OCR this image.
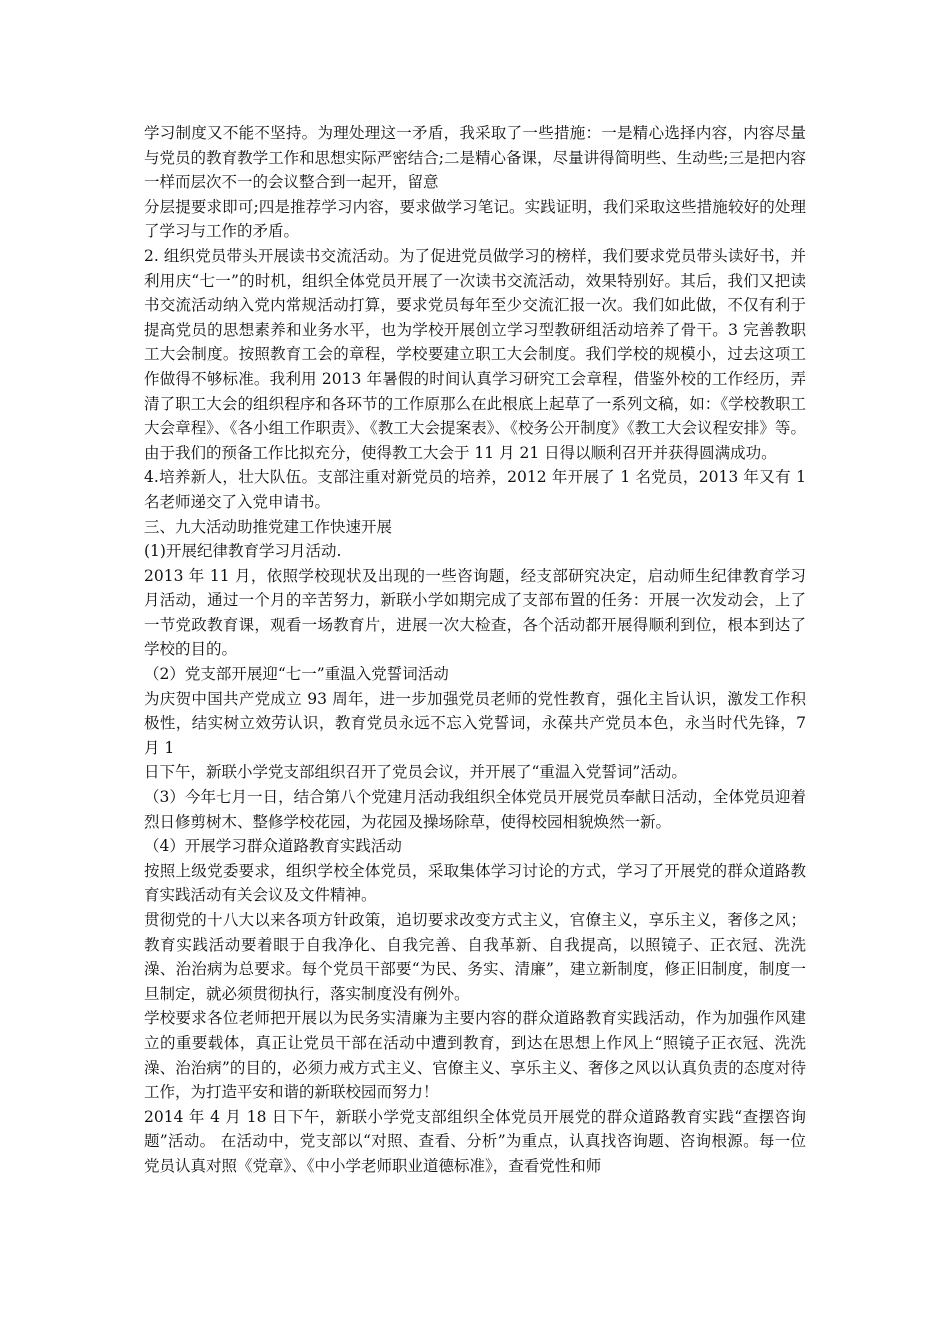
学习制度又不能不坚持。为理处理这一矛盾，我采取了一些措施：一是精心选择内容，内容尽量与党员的教育教学工作和思想实际严密结合;二是精心备课，尽量讲得简明些、生动些;三是把内容一样而层次不一的会议整合到一起开，留意

分层提要求即可;四是推荐学习内容，要求做学习笔记。实践证明，我们采取这些措施较好的处理了学习与工作的矛盾。

2. 组织党员带头开展读书交流活动。为了促进党员做学习的榜样，我们要求党员带头读好书，并利用庆“七一”的时机，组织全体党员开展了一次读书交流活动，效果特别好。其后，我们又把读书交流活动纳入党内常规活动打算，要求党员每年至少交流汇报一次。我们如此做，不仅有利于提高党员的思想素养和业务水平，也为学校开展创立学习型教研组活动培养了骨干。3 完善教职工大会制度。按照教育工会的章程，学校要建立职工大会制度。我们学校的规模小，过去这项工作做得不够标准。我利用 2013 年暑假的时间认真学习研究工会章程，借鉴外校的工作经历，弄清了职工大会的组织程序和各环节的工作原那么在此根底上起草了一系列文稿，如：《学校教职工大会章程》、《各小组工作职责》、《教工大会提案表》、《校务公开制度》《教工大会议程安排》等。由于我们的预备工作比拟充分，使得教工大会于 11 月 21 日得以顺利召开并获得圆满成功。

4.培养新人，壮大队伍。支部注重对新党员的培养，2012 年开展了 1 名党员，2013 年又有 1 名老师递交了入党申请书。

三、九大活动助推党建工作快速开展

(1)开展纪律教育学习月活动.

2013 年 11 月，依照学校现状及出现的一些咨询题，经支部研究决定，启动师生纪律教育学习月活动，通过一个月的辛苦努力，新联小学如期完成了支部布置的任务：开展一次发动会，上了一节党政教育课，观看一场教育片，进展一次大检查，各个活动都开展得顺利到位，根本到达了学校的目的。

（2）党支部开展迎“七一”重温入党誓词活动

为庆贺中国共产党成立 93 周年，进一步加强党员老师的党性教育，强化主旨认识，激发工作积极性，结实树立效劳认识，教育党员永远不忘入党誓词，永葆共产党员本色，永当时代先锋，7 月 1

日下午，新联小学党支部组织召开了党员会议，并开展了“重温入党誓词”活动。

（3）今年七月一日，结合第八个党建月活动我组织全体党员开展党员奉献日活动，全体党员迎着烈日修剪树木、整修学校花园，为花园及操场除草，使得校园相貌焕然一新。

（4）开展学习群众道路教育实践活动

按照上级党委要求，组织学校全体党员，采取集体学习讨论的方式，学习了开展党的群众道路教育实践活动有关会议及文件精神。

贯彻党的十八大以来各项方针政策，追切要求改变方式主义，官僚主义，享乐主义，奢侈之风；教育实践活动要着眼于自我净化、自我完善、自我革新、自我提高，以照镜子、正衣冠、洗洗澡、治治病为总要求。每个党员干部要“为民、务实、清廉”，建立新制度，修正旧制度，制度一旦制定，就必须贯彻执行，落实制度没有例外。

学校要求各位老师把开展以为民务实清廉为主要内容的群众道路教育实践活动，作为加强作风建立的重要载体，真正让党员干部在活动中遭到教育，到达在思想上作风上“照镜子正衣冠、洗洗澡、治治病”的目的，必须力戒方式主义、官僚主义、享乐主义、奢侈之风以认真负责的态度对待工作，为打造平安和谐的新联校园而努力！

2014 年 4 月 18 日下午，新联小学党支部组织全体党员开展党的群众道路教育实践“查摆咨询题”活动。 在活动中，党支部以“对照、查看、分析”为重点，认真找咨询题、咨询根源。每一位党员认真对照《党章》、《中小学老师职业道德标准》，查看党性和师
